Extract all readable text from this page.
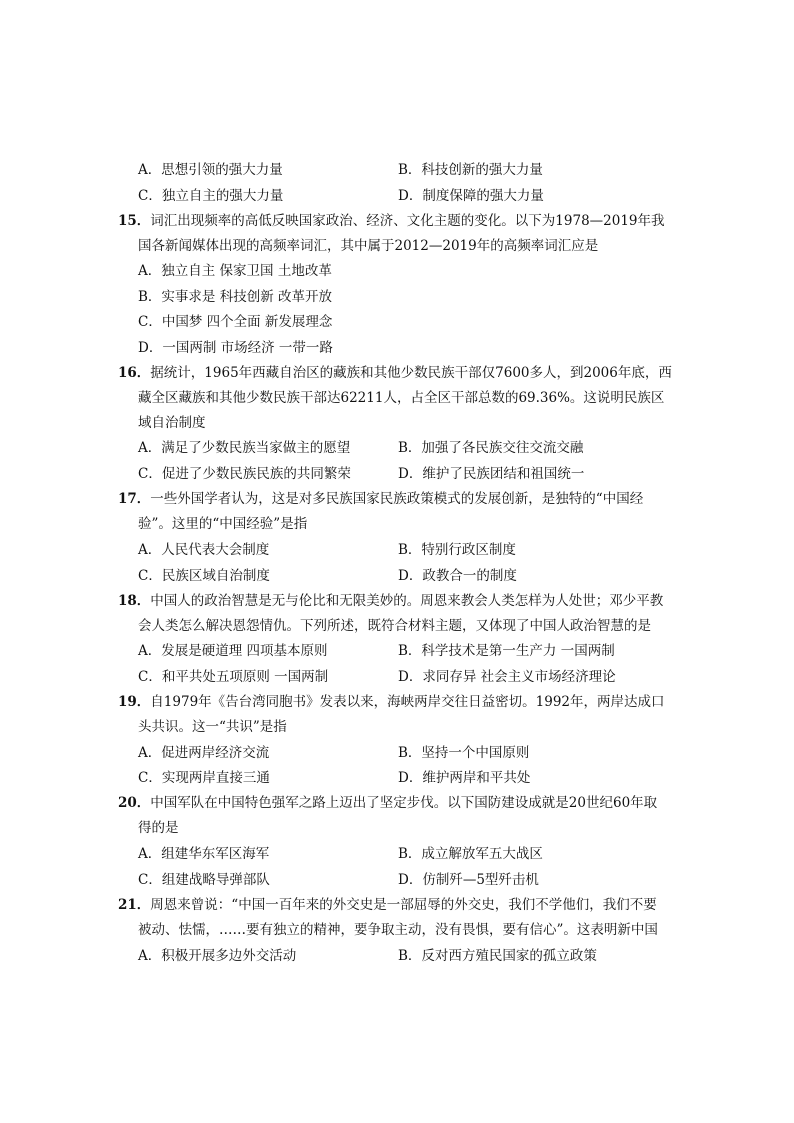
A．思想引领的强大力量	B．科技创新的强大力量
C．独立自主的强大力量	D．制度保障的强大力量
15．词汇出现频率的高低反映国家政治、经济、文化主题的变化。以下为1978—2019年我
国各新闻媒体出现的高频率词汇，其中属于2012—2019年的高频率词汇应是
A．独立自主 保家卫国 土地改革
B．实事求是 科技创新 改革开放
C．中国梦 四个全面 新发展理念
D．一国两制 市场经济 一带一路
16．据统计，1965年西藏自治区的藏族和其他少数民族干部仅7600多人，到2006年底，西
藏全区藏族和其他少数民族干部达62211人，占全区干部总数的69.36%。这说明民族区
域自治制度
A．满足了少数民族当家做主的愿望	B．加强了各民族交往交流交融
C．促进了少数民族民族的共同繁荣	D．维护了民族团结和祖国统一
17．一些外国学者认为，这是对多民族国家民族政策模式的发展创新，是独特的“中国经
验”。这里的“中国经验”是指
A．人民代表大会制度	B．特别行政区制度
C．民族区域自治制度	D．政教合一的制度
18．中国人的政治智慧是无与伦比和无限美妙的。周恩来教会人类怎样为人处世；邓少平教
会人类怎么解决恩怨情仇。下列所述，既符合材料主题，又体现了中国人政治智慧的是
A．发展是硬道理 四项基本原则	B．科学技术是第一生产力 一国两制
C．和平共处五项原则 一国两制	D．求同存异 社会主义市场经济理论
19．自1979年《告台湾同胞书》发表以来，海峡两岸交往日益密切。1992年，两岸达成口
头共识。这一“共识”是指
A．促进两岸经济交流	B．坚持一个中国原则
C．实现两岸直接三通	D．维护两岸和平共处
20．中国军队在中国特色强军之路上迈出了坚定步伐。以下国防建设成就是20世纪60年取
得的是
A．组建华东军区海军	B．成立解放军五大战区
C．组建战略导弹部队	D．仿制歼—5型歼击机
21．周恩来曾说：“中国一百年来的外交史是一部屈辱的外交史，我们不学他们，我们不要
被动、怯懦，……要有独立的精神，要争取主动，没有畏惧，要有信心”。这表明新中国
A．积极开展多边外交活动	B．反对西方殖民国家的孤立政策
